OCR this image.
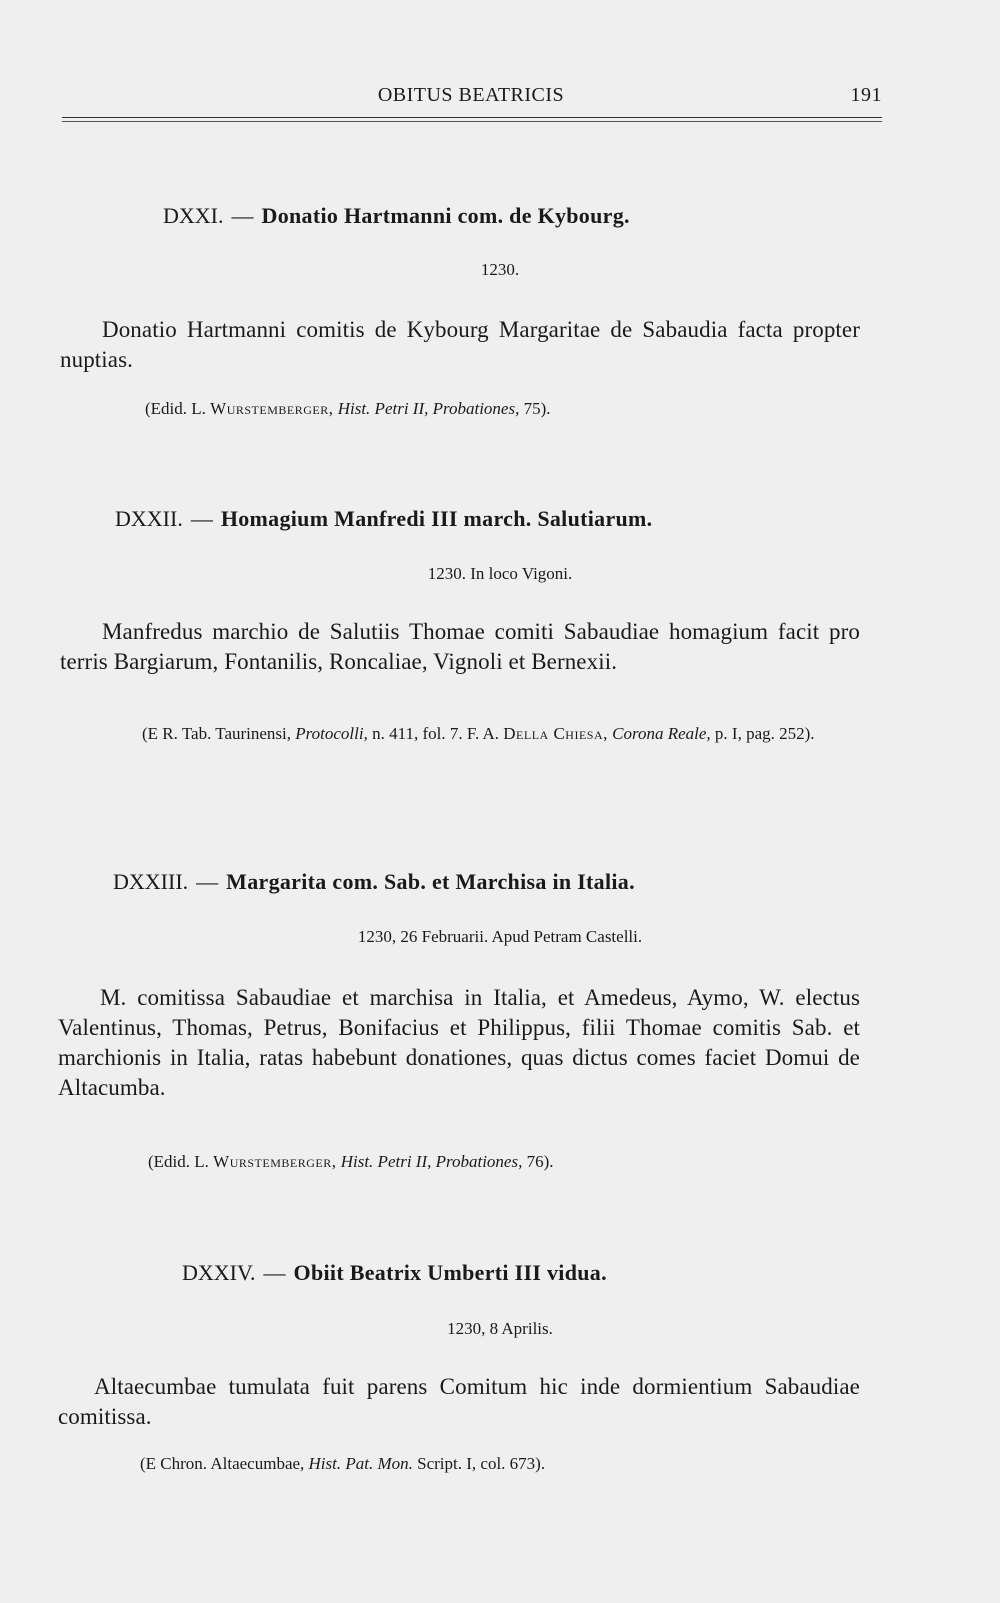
OBITUS BEATRICIS	191
DXXI. — Donatio Hartmanni com. de Kybourg.
1230.
Donatio Hartmanni comitis de Kybourg Margaritae de Sabaudia facta propter nuptias.
(Edid. L. Wurstemberger, Hist. Petri II, Probationes, 75).
DXXII. — Homagium Manfredi III march. Salutiarum.
1230. In loco Vigoni.
Manfredus marchio de Salutiis Thomae comiti Sabaudiae homagium facit pro terris Bargiarum, Fontanilis, Roncaliae, Vignoli et Bernexii.
(E R. Tab. Taurinensi, Protocolli, n. 411, fol. 7. F. A. Della Chiesa, Corona Reale, p. I, pag. 252).
DXXIII. — Margarita com. Sab. et Marchisa in Italia.
1230, 26 Februarii. Apud Petram Castelli.
M. comitissa Sabaudiae et marchisa in Italia, et Amedeus, Aymo, W. electus Valentinus, Thomas, Petrus, Bonifacius et Philippus, filii Thomae comitis Sab. et marchionis in Italia, ratas habebunt donationes, quas dictus comes faciet Domui de Altacumba.
(Edid. L. Wurstemberger, Hist. Petri II, Probationes, 76).
DXXIV. — Obiit Beatrix Umberti III vidua.
1230, 8 Aprilis.
Altaecumbae tumulata fuit parens Comitum hic inde dormientium Sabaudiae comitissa.
(E Chron. Altaecumbae, Hist. Pat. Mon. Script. I, col. 673).
